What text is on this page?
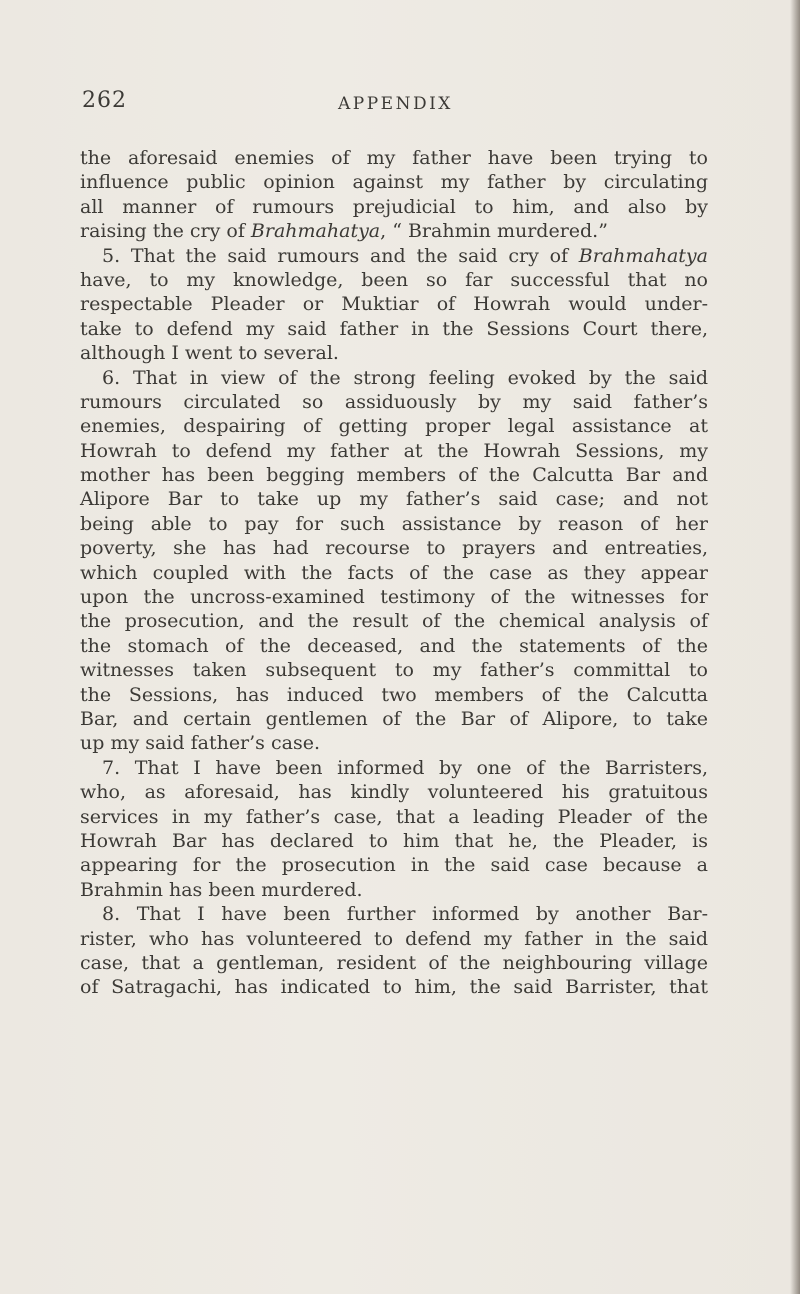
262	APPENDIX
the aforesaid enemies of my father have been trying to
influence public opinion against my father by circulating
all manner of rumours prejudicial to him, and also by
raising the cry of Brahmahatya, “ Brahmin murdered.”
5. That the said rumours and the said cry of Brahmahatya
have, to my knowledge, been so far successful that no
respectable Pleader or Muktiar of Howrah would under-
take to defend my said father in the Sessions Court there,
although I went to several.
6. That in view of the strong feeling evoked by the said
rumours circulated so assiduously by my said father’s
enemies, despairing of getting proper legal assistance at
Howrah to defend my father at the Howrah Sessions, my
mother has been begging members of the Calcutta Bar and
Alipore Bar to take up my father’s said case; and not
being able to pay for such assistance by reason of her
poverty, she has had recourse to prayers and entreaties,
which coupled with the facts of the case as they appear
upon the uncross-examined testimony of the witnesses for
the prosecution, and the result of the chemical analysis of
the stomach of the deceased, and the statements of the
witnesses taken subsequent to my father’s committal to
the Sessions, has induced two members of the Calcutta
Bar, and certain gentlemen of the Bar of Alipore, to take
up my said father’s case.
7. That I have been informed by one of the Barristers,
who, as aforesaid, has kindly volunteered his gratuitous
services in my father’s case, that a leading Pleader of the
Howrah Bar has declared to him that he, the Pleader, is
appearing for the prosecution in the said case because a
Brahmin has been murdered.
8. That I have been further informed by another Bar-
rister, who has volunteered to defend my father in the said
case, that a gentleman, resident of the neighbouring village
of Satragachi, has indicated to him, the said Barrister, that
